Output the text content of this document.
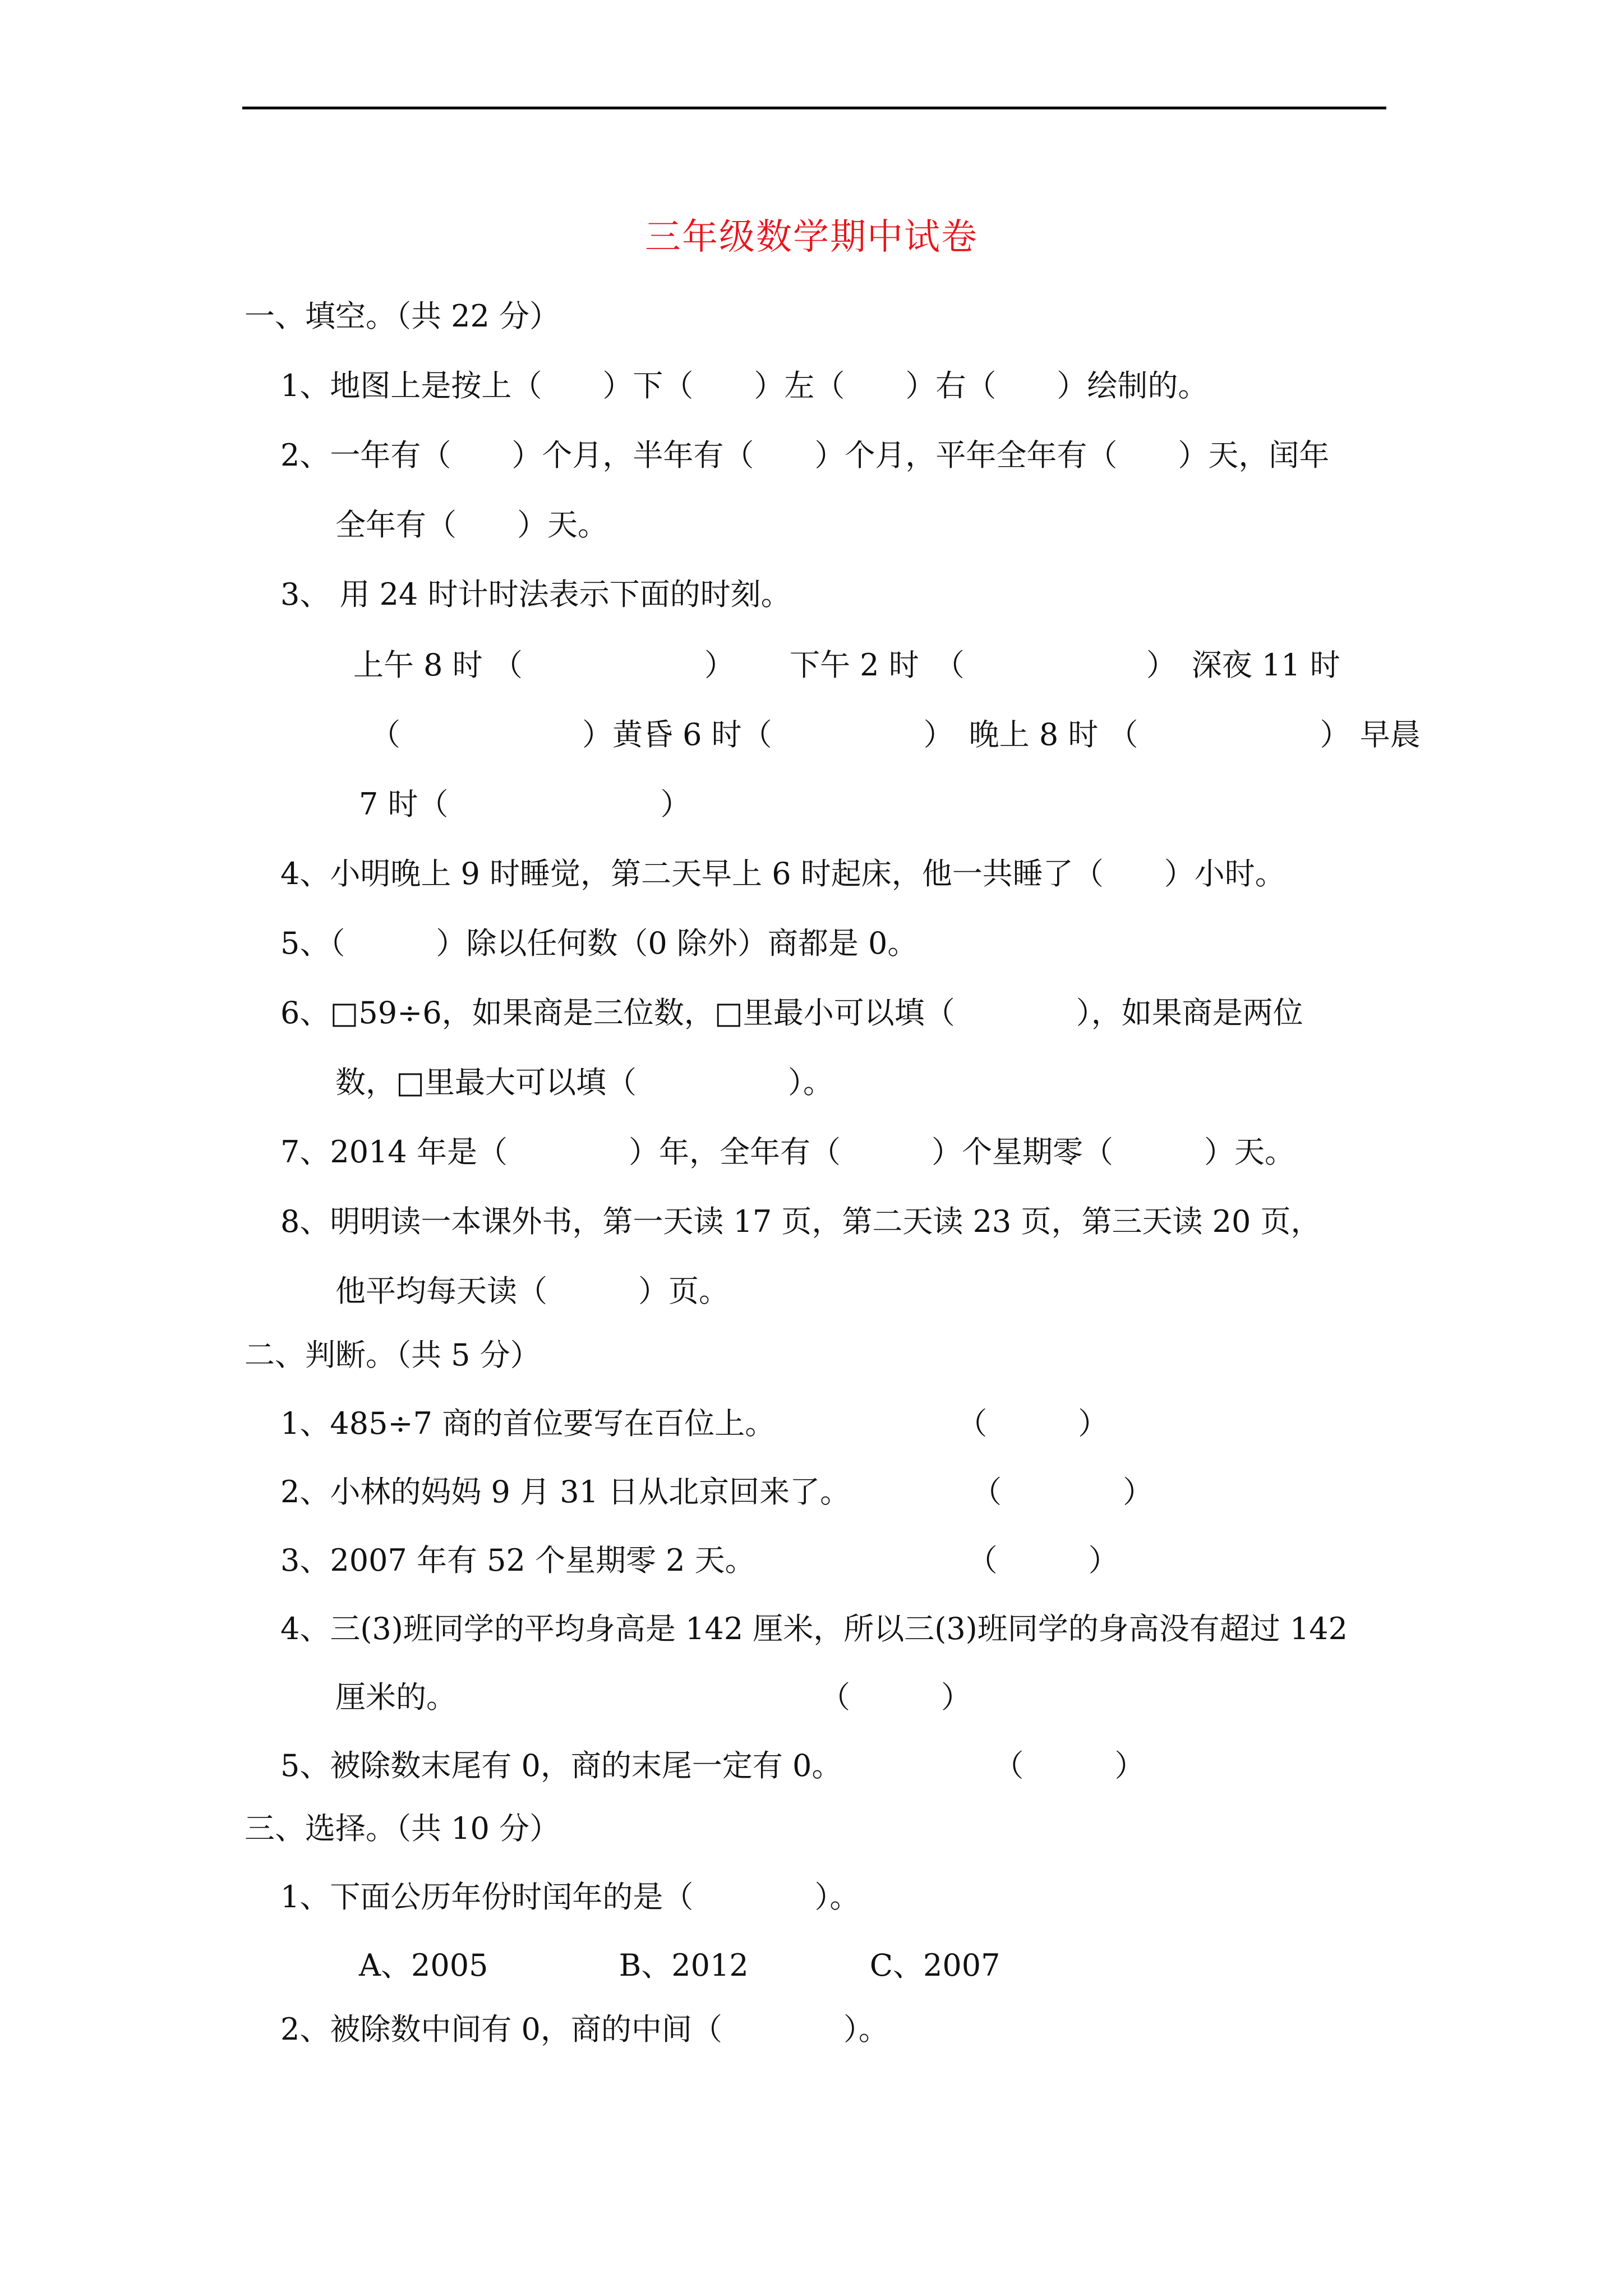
三年级数学期中试卷
一、填空。（共 22 分）
1、地图上是按上（　　）下（　　）左（　　）右（　　）绘制的。
2、一年有（　　）个月，半年有（　　）个月，平年全年有（　　）天，闰年
全年有（　　）天。
3、 用 24 时计时法表示下面的时刻。
上午 8 时 （　　　　　　）　　 下午 2 时　（　　　　　　）　深夜 11 时
（　　　　　　）黄昏 6 时（　　　　　）　晚上 8 时 （　　　　　　） 早晨
7 时（　　　　　　　）
4、小明晚上 9 时睡觉，第二天早上 6 时起床，他一共睡了（　　）小时。
5、（　　　）除以任何数（0 除外）商都是 0。
6、□59÷6，如果商是三位数，□里最小可以填（　　　　），如果商是两位
数，□里最大可以填（　　　　　）。
7、2014 年是（　　　　）年，全年有（　　　）个星期零（　　　）天。
8、明明读一本课外书，第一天读 17 页，第二天读 23 页，第三天读 20 页，
他平均每天读（　　　）页。
二、判断。（共 5 分）
1、485÷7 商的首位要写在百位上。　　　　　　　（　　　）
2、小林的妈妈 9 月 31 日从北京回来了。　　　　　（　　　　）
3、2007 年有 52 个星期零 2 天。　　　　　　　　（　　　）
4、三(3)班同学的平均身高是 142 厘米，所以三(3)班同学的身高没有超过 142
厘米的。　　　　　　　　　　　　　（　　　）
5、被除数末尾有 0，商的末尾一定有 0。　　　　　　（　　　）
三、选择。（共 10 分）
1、下面公历年份时闰年的是（　　　　）。
A、2005　　　　 B、2012　　　　C、2007
2、被除数中间有 0，商的中间（　　　　）。
